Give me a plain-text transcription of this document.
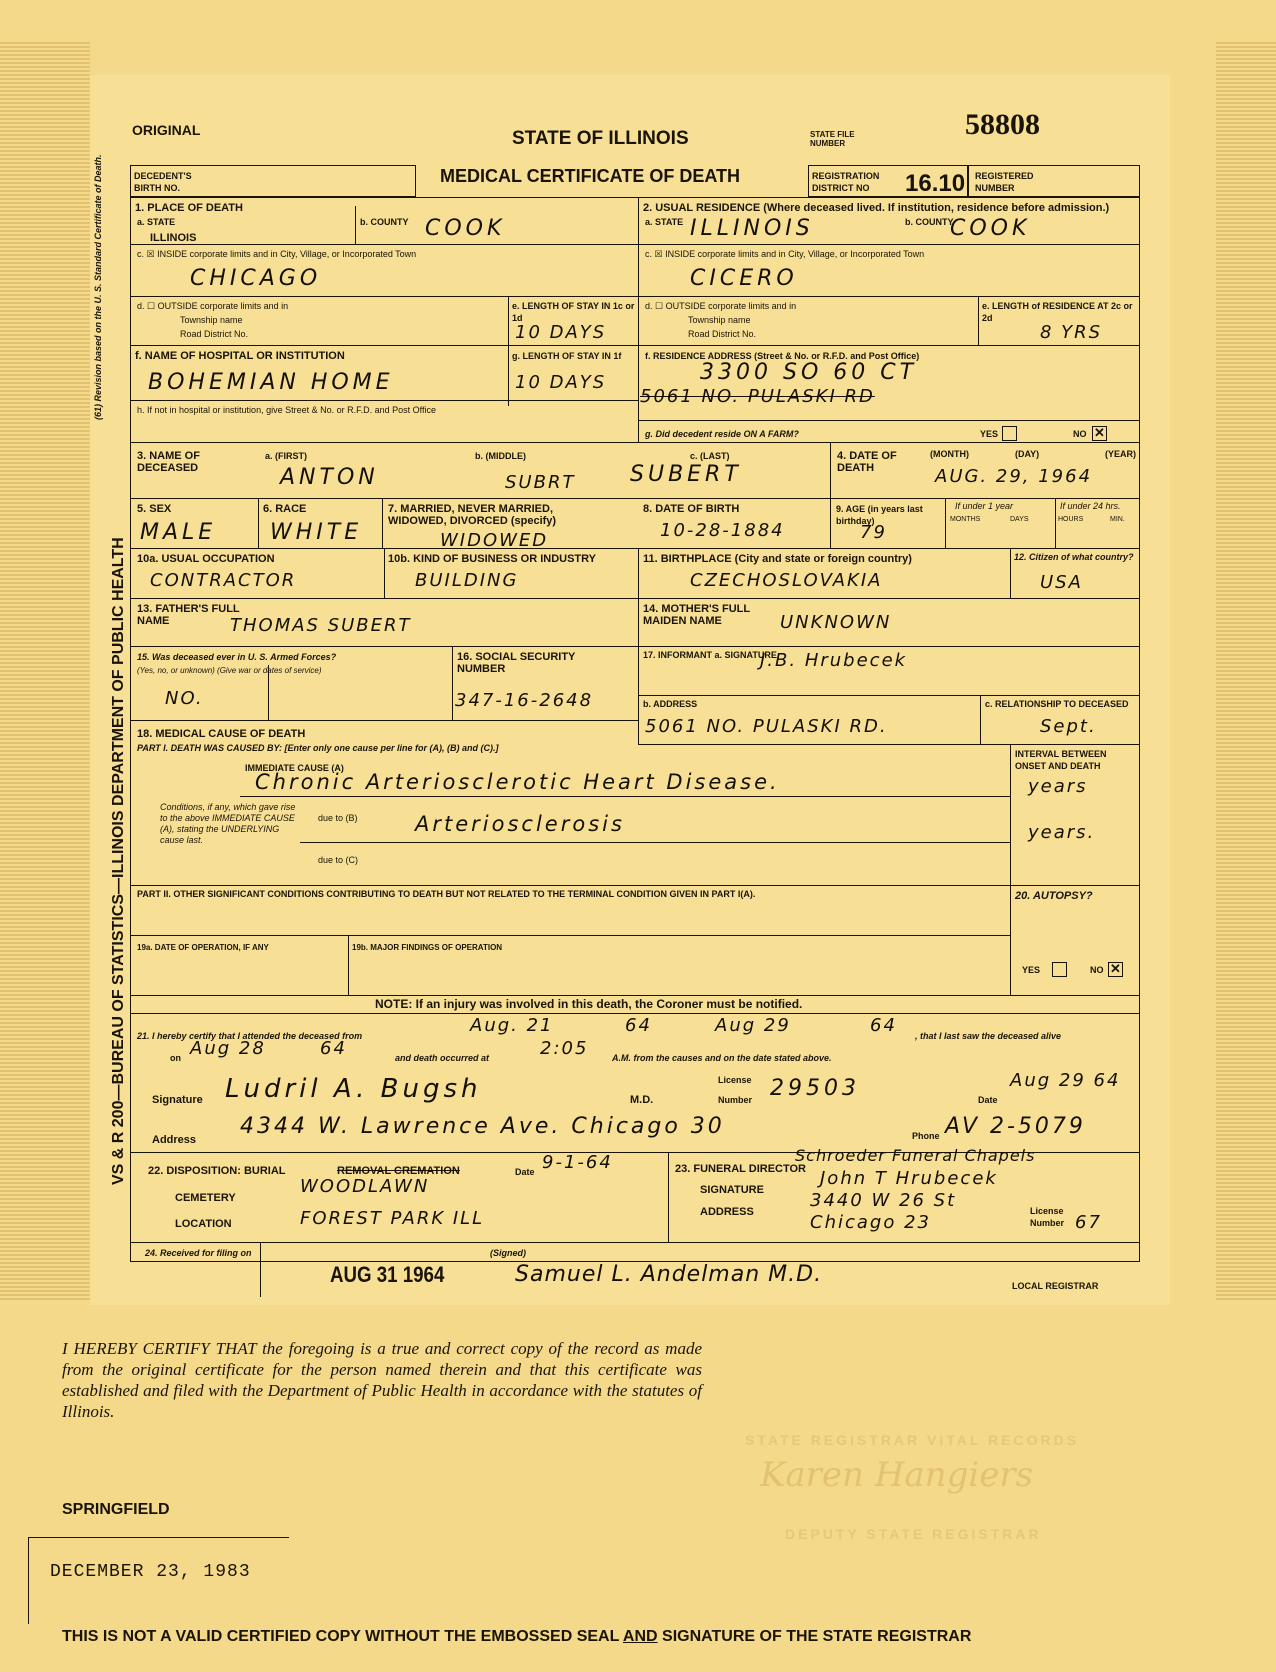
VS & R 200—BUREAU OF STATISTICS—ILLINOIS DEPARTMENT OF PUBLIC HEALTH
(61) Revision based on the U. S. Standard Certificate of Death.
ORIGINAL	STATE OF ILLINOIS	STATE FILE NUMBER
58808
DECEDENT'S BIRTH NO.
MEDICAL CERTIFICATE OF DEATH	REGISTRATION DISTRICT NO	16.10 REGISTERED NUMBER
1. PLACE OF DEATH
a. STATE
ILLINOIS
b. COUNTY COOK
c. ☒ INSIDE corporate limits and in City, Village, or Incorporated Town
CHICAGO
d. ☐ OUTSIDE corporate limits and in
Township name
Road District No.
e. LENGTH OF STAY IN 1c or 1d
10 DAYS
f. NAME OF HOSPITAL OR INSTITUTION
BOHEMIAN HOME
g. LENGTH OF STAY IN 1f
10 DAYS
h. If not in hospital or institution, give Street & No. or R.F.D. and Post Office
2. USUAL RESIDENCE (Where deceased lived. If institution, residence before admission.)
a. STATE ILLINOIS	b. COUNTY
COOK
c. ☒ INSIDE corporate limits and in City, Village, or Incorporated Town
CICERO
d. ☐ OUTSIDE corporate limits and in
Township name
Road District No.
e. LENGTH of RESIDENCE AT 2c or 2d
8 YRS
f. RESIDENCE ADDRESS (Street & No. or R.F.D. and Post Office)
3300 SO 60 CT
5061 NO. PULASKI RD
g. Did decedent reside ON A FARM?	YES	NO ✕
3. NAME OF DECEASED
a. (FIRST)
ANTON
b. (MIDDLE)
SUBRT
c. (LAST)
SUBERT
4. DATE OF DEATH
(MONTH)	(DAY)	(YEAR)
AUG. 29, 1964
5. SEX
MALE
6. RACE
WHITE
7. MARRIED, NEVER MARRIED, WIDOWED, DIVORCED (specify)
WIDOWED
8. DATE OF BIRTH
10-28-1884
9. AGE (in years last birthday)
79
If under 1 year
MONTHS	DAYS
If under 24 hrs.
HOURS	MIN.
10a. USUAL OCCUPATION
CONTRACTOR
10b. KIND OF BUSINESS OR INDUSTRY
BUILDING
11. BIRTHPLACE (City and state or foreign country)
CZECHOSLOVAKIA
12. Citizen of what country?
USA
13. FATHER'S FULL NAME	THOMAS SUBERT
14. MOTHER'S FULL MAIDEN NAME	UNKNOWN
15. Was deceased ever in U. S. Armed Forces?
(Yes, no, or unknown) (Give war or dates of service)
NO.
16. SOCIAL SECURITY NUMBER
347-16-2648
17. INFORMANT a. SIGNATURE
J.B. Hrubecek
b. ADDRESS
5061 NO. PULASKI RD.
c. RELATIONSHIP TO DECEASED
Sept.
18. MEDICAL CAUSE OF DEATH
PART I. DEATH WAS CAUSED BY: [Enter only one cause per line for (A), (B) and (C).]
INTERVAL BETWEEN ONSET AND DEATH
IMMEDIATE CAUSE (A)
Chronic Arteriosclerotic Heart Disease.	years
Conditions, if any, which gave rise to the above IMMEDIATE CAUSE (A), stating the UNDERLYING cause last.
due to (B)	Arteriosclerosis	years.
due to (C)
PART II. OTHER SIGNIFICANT CONDITIONS CONTRIBUTING TO DEATH BUT NOT RELATED TO THE TERMINAL CONDITION GIVEN IN PART I(A).	20. AUTOPSY?
19a. DATE OF OPERATION, IF ANY	19b. MAJOR FINDINGS OF OPERATION
YES	NO ✕
NOTE: If an injury was involved in this death, the Coroner must be notified.
21. I hereby certify that I attended the deceased from	Aug. 21	64	Aug 29	64 , that I last saw the deceased alive
on Aug 28	64	and death occurred at	2:05	A.M. from the causes and on the date stated above.
Signature Ludril A. Bugsh	M.D.
License Number 29503	Date
Aug 29 64
Address
4344 W. Lawrence Ave. Chicago 30	Phone AV 2-5079
22. DISPOSITION: BURIAL	REMOVAL CREMATION	Date 9-1-64
CEMETERY
WOODLAWN
LOCATION	FOREST PARK ILL
23. FUNERAL DIRECTOR
Schroeder Funeral Chapels
SIGNATURE
John T Hrubecek
ADDRESS
3440 W 26 St
Chicago 23
License Number 67
24. Received for filing on
AUG 31 1964
(Signed)
Samuel L. Andelman M.D.	LOCAL REGISTRAR
I HEREBY CERTIFY THAT the foregoing is a true and correct copy of the record as made from the original certificate for the person named therein and that this certificate was established and filed with the Department of Public Health in accordance with the statutes of Illinois.
STATE REGISTRAR VITAL RECORDS
Karen Hangiers
DEPUTY STATE REGISTRAR
SPRINGFIELD
DECEMBER 23, 1983
THIS IS NOT A VALID CERTIFIED COPY WITHOUT THE EMBOSSED SEAL AND SIGNATURE OF THE STATE REGISTRAR
